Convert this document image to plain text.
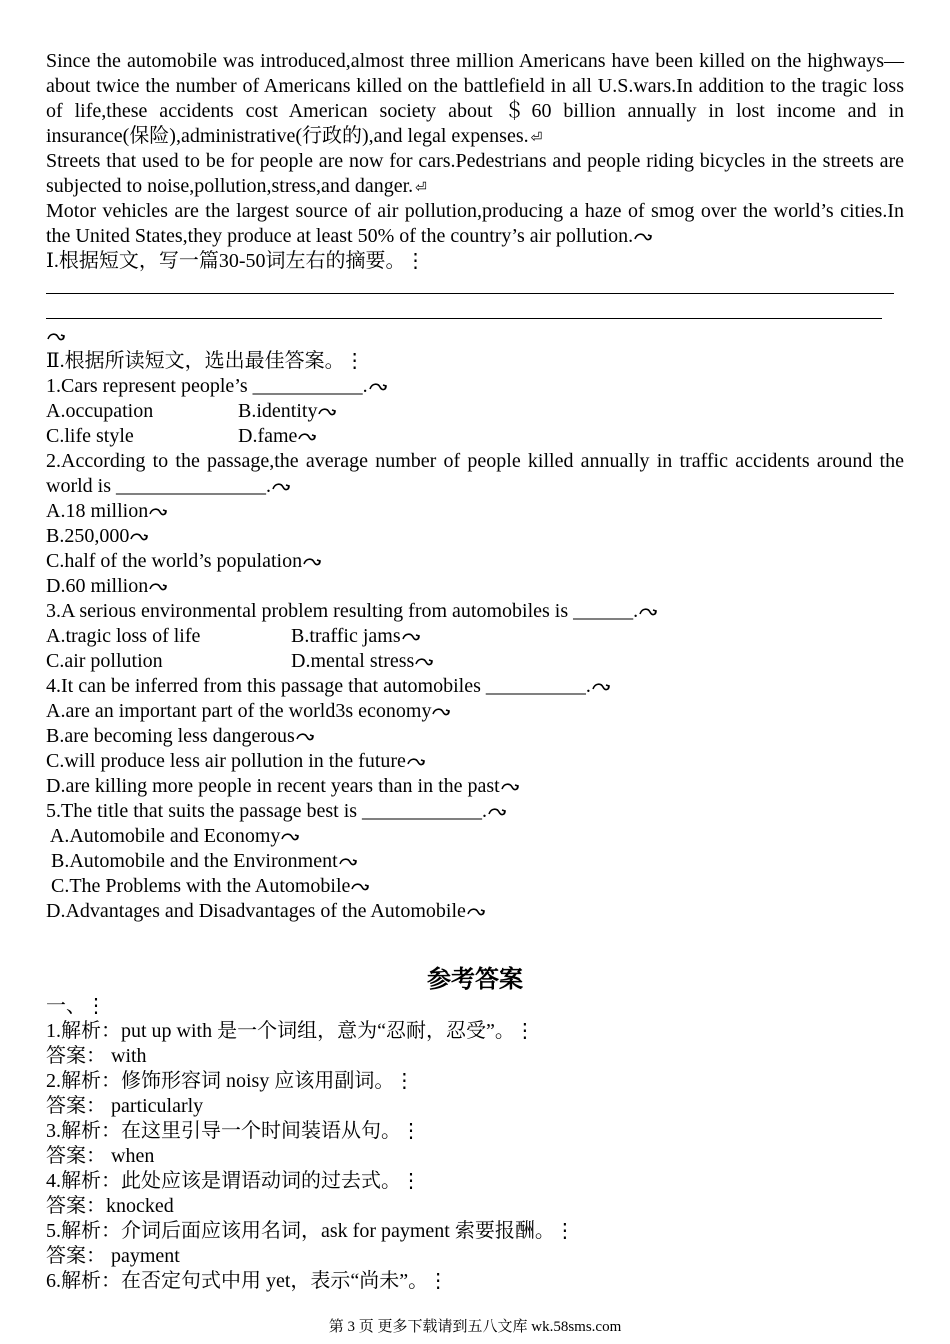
Since the automobile was introduced,almost three million Americans have been killed on the highways—about twice the number of Americans killed on the battlefield in all U.S.wars.In addition to the tragic loss of life,these accidents cost American society about ＄60 billion annually in lost income and in insurance(保险),administrative(行政的),and legal expenses. ⏎

Streets that used to be for people are now for cars.Pedestrians and people riding bicycles in the streets are subjected to noise,pollution,stress,and danger. ⏎

Motor vehicles are the largest source of air pollution,producing a haze of smog over the world’s cities.In the United States,they produce at least 50% of the country’s air pollution.

Ⅰ.根据短文，写一篇30-50词左右的摘要。⋮

Ⅱ.根据所读短文，选出最佳答案。⋮

1.Cars represent people’s ___________.

A.occupation	B.identity

C.life style	D.fame

2.According to the passage,the average number of people killed annually in traffic accidents around the world is _______________.

A.18 million

B.250,000

C.half of the world’s population

D.60 million

3.A serious environmental problem resulting from automobiles is ______.

A.tragic loss of life	B.traffic jams

C.air pollution	D.mental stress

4.It can be inferred from this passage that automobiles __________.

A.are an important part of the world3s economy

B.are becoming less dangerous

C.will produce less air pollution in the future

D.are killing more people in recent years than in the past

5.The title that suits the passage best is ____________.

A.Automobile and Economy

B.Automobile and the Environment

C.The Problems with the Automobile

D.Advantages and Disadvantages of the Automobile

参考答案

一、⋮

1.解析：put up with 是一个词组，意为“忍耐，忍受”。⋮

答案： with

2.解析：修饰形容词 noisy 应该用副词。⋮

答案： particularly

3.解析：在这里引导一个时间装语从句。⋮

答案： when

4.解析：此处应该是谓语动词的过去式。⋮

答案：knocked

5.解析：介词后面应该用名词，ask for payment 索要报酬。⋮

答案： payment

6.解析：在否定句式中用 yet，表示“尚未”。⋮

第 3 页 更多下载请到五八文库 wk.58sms.com
